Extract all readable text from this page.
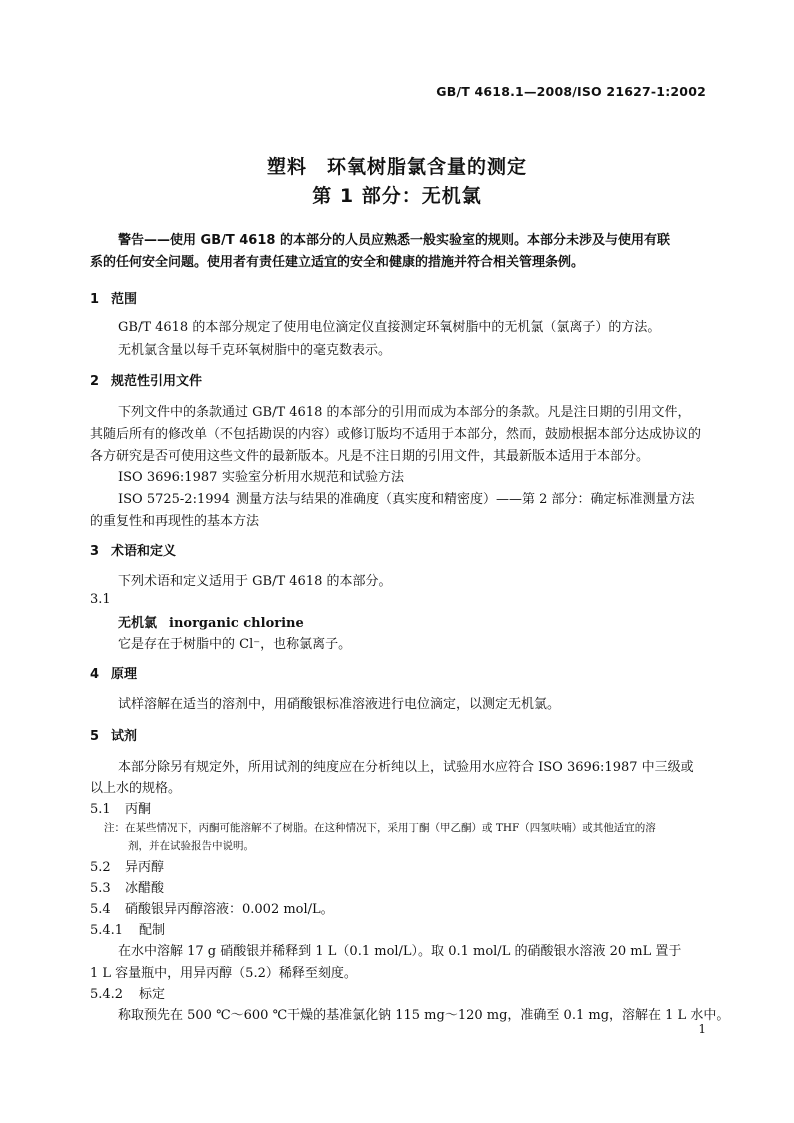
GB/T 4618.1—2008/ISO 21627-1:2002
塑料　环氧树脂氯含量的测定
第 1 部分：无机氯
警告——使用 GB/T 4618 的本部分的人员应熟悉一般实验室的规则。本部分未涉及与使用有联
系的任何安全问题。使用者有责任建立适宜的安全和健康的措施并符合相关管理条例。
1 范围
GB/T 4618 的本部分规定了使用电位滴定仪直接测定环氧树脂中的无机氯（氯离子）的方法。
无机氯含量以每千克环氧树脂中的毫克数表示。
2 规范性引用文件
下列文件中的条款通过 GB/T 4618 的本部分的引用而成为本部分的条款。凡是注日期的引用文件，
其随后所有的修改单（不包括勘误的内容）或修订版均不适用于本部分，然而，鼓励根据本部分达成协议的
各方研究是否可使用这些文件的最新版本。凡是不注日期的引用文件，其最新版本适用于本部分。
ISO 3696:1987 实验室分析用水规范和试验方法
ISO 5725-2:1994 测量方法与结果的准确度（真实度和精密度）——第 2 部分：确定标准测量方法
的重复性和再现性的基本方法
3 术语和定义
下列术语和定义适用于 GB/T 4618 的本部分。
3.1
无机氯 inorganic chlorine
它是存在于树脂中的 Cl⁻，也称氯离子。
4 原理
试样溶解在适当的溶剂中，用硝酸银标准溶液进行电位滴定，以测定无机氯。
5 试剂
本部分除另有规定外，所用试剂的纯度应在分析纯以上，试验用水应符合 ISO 3696:1987 中三级或
以上水的规格。
5.1 丙酮
注：在某些情况下，丙酮可能溶解不了树脂。在这种情况下，采用丁酮（甲乙酮）或 THF（四氢呋喃）或其他适宜的溶
剂，并在试验报告中说明。
5.2 异丙醇
5.3 冰醋酸
5.4 硝酸银异丙醇溶液：0.002 mol/L。
5.4.1 配制
在水中溶解 17 g 硝酸银并稀释到 1 L（0.1 mol/L）。取 0.1 mol/L 的硝酸银水溶液 20 mL 置于
1 L 容量瓶中，用异丙醇（5.2）稀释至刻度。
5.4.2 标定
称取预先在 500 ℃～600 ℃干燥的基准氯化钠 115 mg～120 mg，准确至 0.1 mg，溶解在 1 L 水中。
1
